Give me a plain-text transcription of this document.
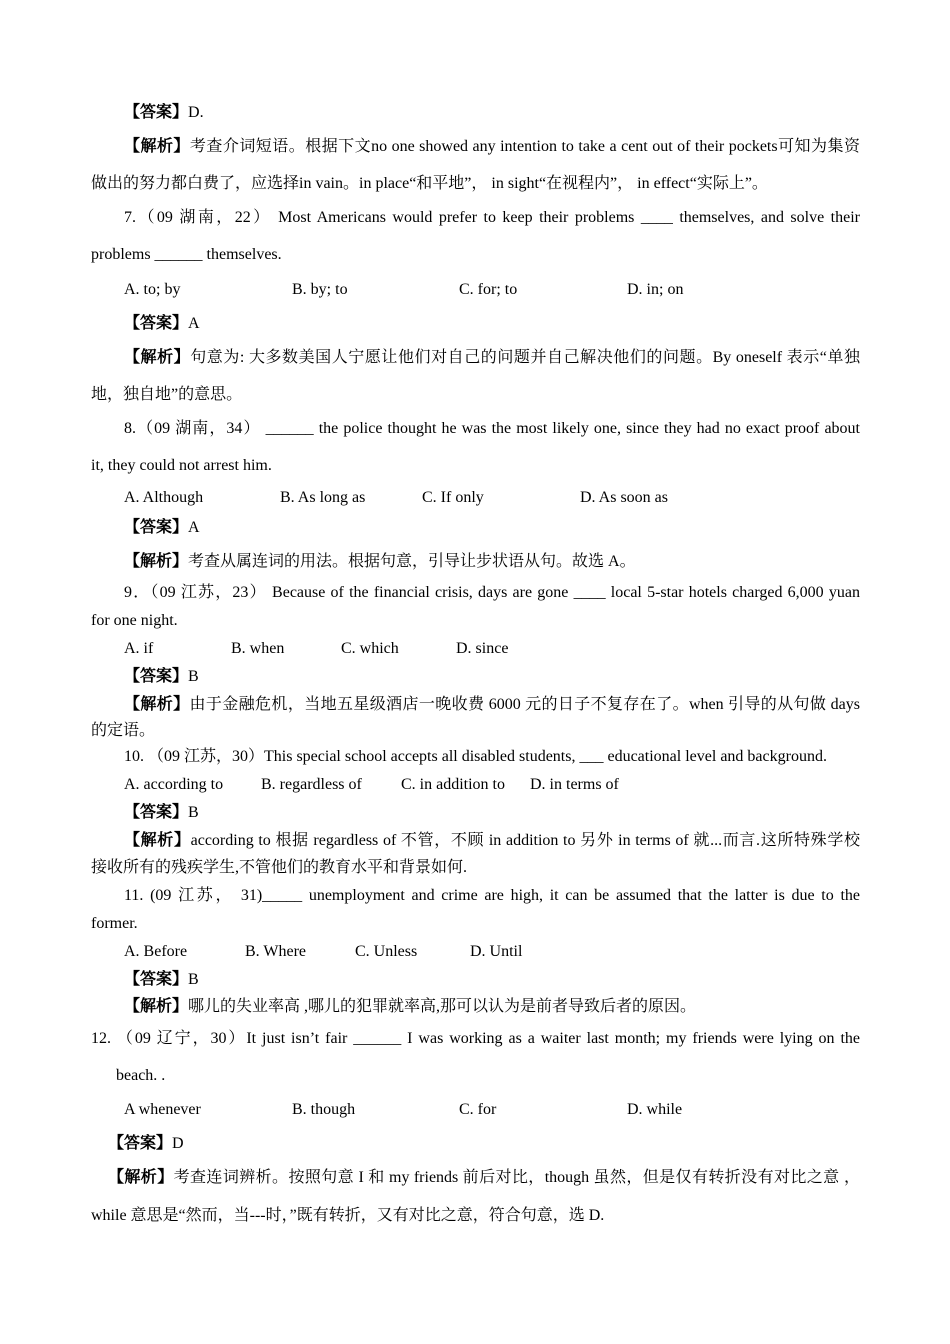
【答案】D.
【解析】考查介词短语。根据下文no one showed any intention to take a cent out of their pockets可知为集资
做出的努力都白费了，应选择in vain。in place“和平地”， in sight“在视程内”， in effect“实际上”。
7.（09 湖南，22） Most Americans would prefer to keep their problems ____ themselves, and solve their
problems ______ themselves.
A. to; by	B. by; to	C. for; to	D. in; on
【答案】A
【解析】句意为: 大多数美国人宁愿让他们对自己的问题并自己解决他们的问题。By oneself 表示“单独
地，独自地”的意思。
8.（09 湖南，34） ______ the police thought he was the most likely one, since they had no exact proof about
it, they could not arrest him.
A. Although	B. As long as	C. If only	D. As soon as
【答案】A
【解析】考查从属连词的用法。根据句意，引导让步状语从句。故选 A。
9．（09 江苏，23） Because of the financial crisis, days are gone ____ local 5-star hotels charged 6,000 yuan
for one night.
A. if	B. when	C. which	D. since
【答案】B
【解析】由于金融危机，当地五星级酒店一晚收费 6000 元的日子不复存在了。when 引导的从句做 days
的定语。
10. （09 江苏，30）This special school accepts all disabled students, ___ educational level and background.
A. according to B. regardless of C. in addition to D. in terms of
【答案】B
【解析】according to 根据 regardless of 不管，不顾 in addition to 另外 in terms of 就...而言.这所特殊学校
接收所有的残疾学生,不管他们的教育水平和背景如何.
11. (09 江苏， 31)_____ unemployment and crime are high, it can be assumed that the latter is due to the
former.
A. Before	B. Where	C. Unless	D. Until
【答案】B
【解析】哪儿的失业率高 ,哪儿的犯罪就率高,那可以认为是前者导致后者的原因。
12. （09 辽宁，30）It just isn’t fair ______ I was working as a waiter last month; my friends were lying on the
beach. .
A whenever	B. though	C. for	D. while
【答案】D
【解析】考查连词辨析。按照句意 I 和 my friends 前后对比，though 虽然，但是仅有转折没有对比之意 ，
while 意思是“然而，当---时，”既有转折，又有对比之意，符合句意，选 D.
